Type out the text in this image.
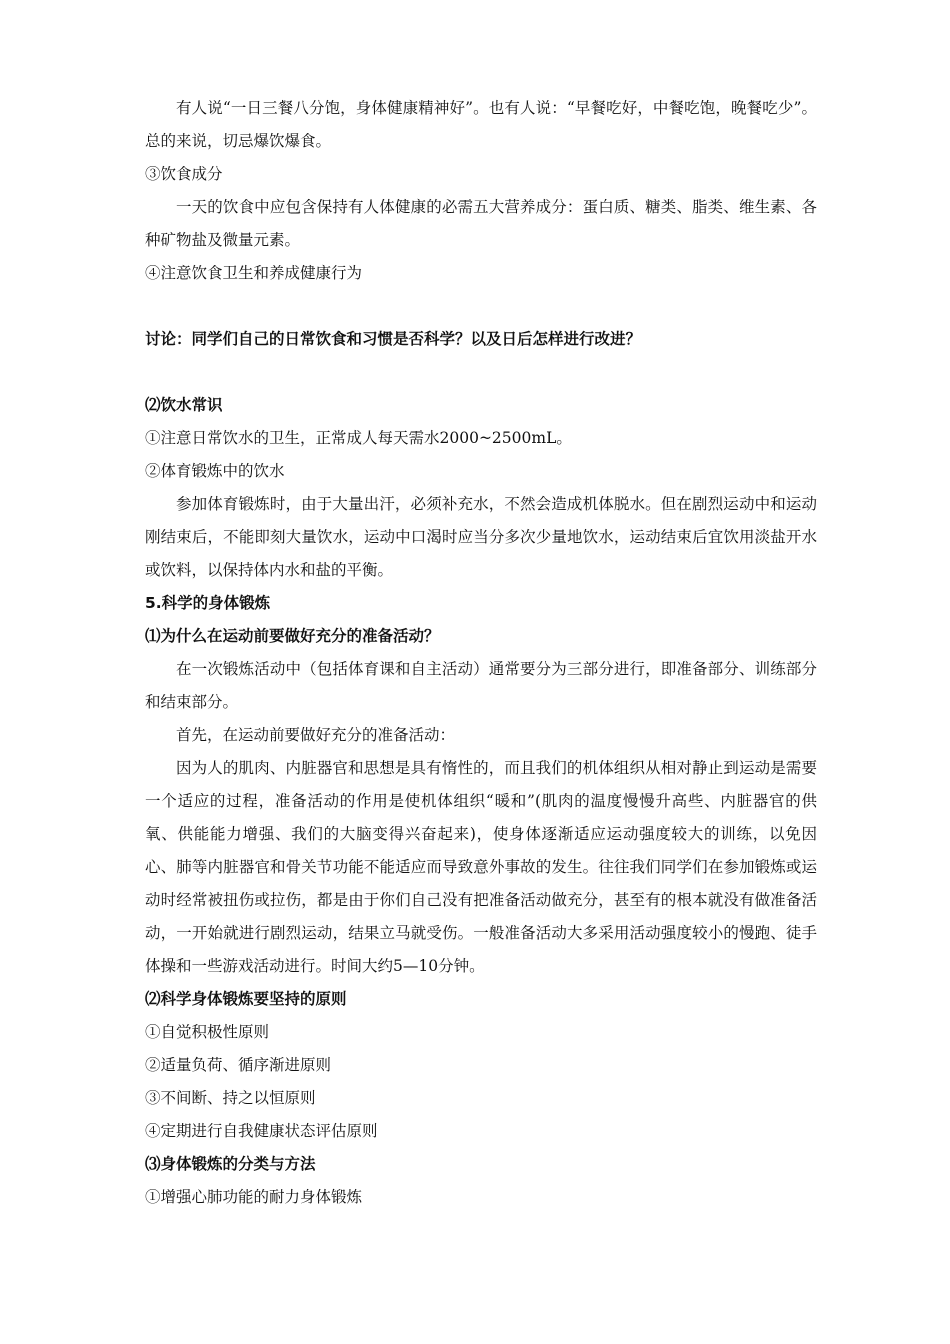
有人说“一日三餐八分饱，身体健康精神好”。也有人说：“早餐吃好，中餐吃饱，晚餐吃少”。总的来说，切忌爆饮爆食。
③饮食成分
一天的饮食中应包含保持有人体健康的必需五大营养成分：蛋白质、糖类、脂类、维生素、各种矿物盐及微量元素。
④注意饮食卫生和养成健康行为
讨论：同学们自己的日常饮食和习惯是否科学？以及日后怎样进行改进？
⑵饮水常识
①注意日常饮水的卫生，正常成人每天需水2000~2500mL。
②体育锻炼中的饮水
参加体育锻炼时，由于大量出汗，必须补充水，不然会造成机体脱水。但在剧烈运动中和运动刚结束后，不能即刻大量饮水，运动中口渴时应当分多次少量地饮水，运动结束后宜饮用淡盐开水或饮料，以保持体内水和盐的平衡。
5.科学的身体锻炼
⑴为什么在运动前要做好充分的准备活动？
在一次锻炼活动中（包括体育课和自主活动）通常要分为三部分进行，即准备部分、训练部分和结束部分。
首先，在运动前要做好充分的准备活动：
因为人的肌肉、内脏器官和思想是具有惰性的，而且我们的机体组织从相对静止到运动是需要一个适应的过程，准备活动的作用是使机体组织“暖和”(肌肉的温度慢慢升高些、内脏器官的供氧、供能能力增强、我们的大脑变得兴奋起来)，使身体逐渐适应运动强度较大的训练，以免因心、肺等内脏器官和骨关节功能不能适应而导致意外事故的发生。往往我们同学们在参加锻炼或运动时经常被扭伤或拉伤，都是由于你们自己没有把准备活动做充分，甚至有的根本就没有做准备活动，一开始就进行剧烈运动，结果立马就受伤。一般准备活动大多采用活动强度较小的慢跑、徒手体操和一些游戏活动进行。时间大约5—10分钟。
⑵科学身体锻炼要坚持的原则
①自觉积极性原则
②适量负荷、循序渐进原则
③不间断、持之以恒原则
④定期进行自我健康状态评估原则
⑶身体锻炼的分类与方法
①增强心肺功能的耐力身体锻炼
